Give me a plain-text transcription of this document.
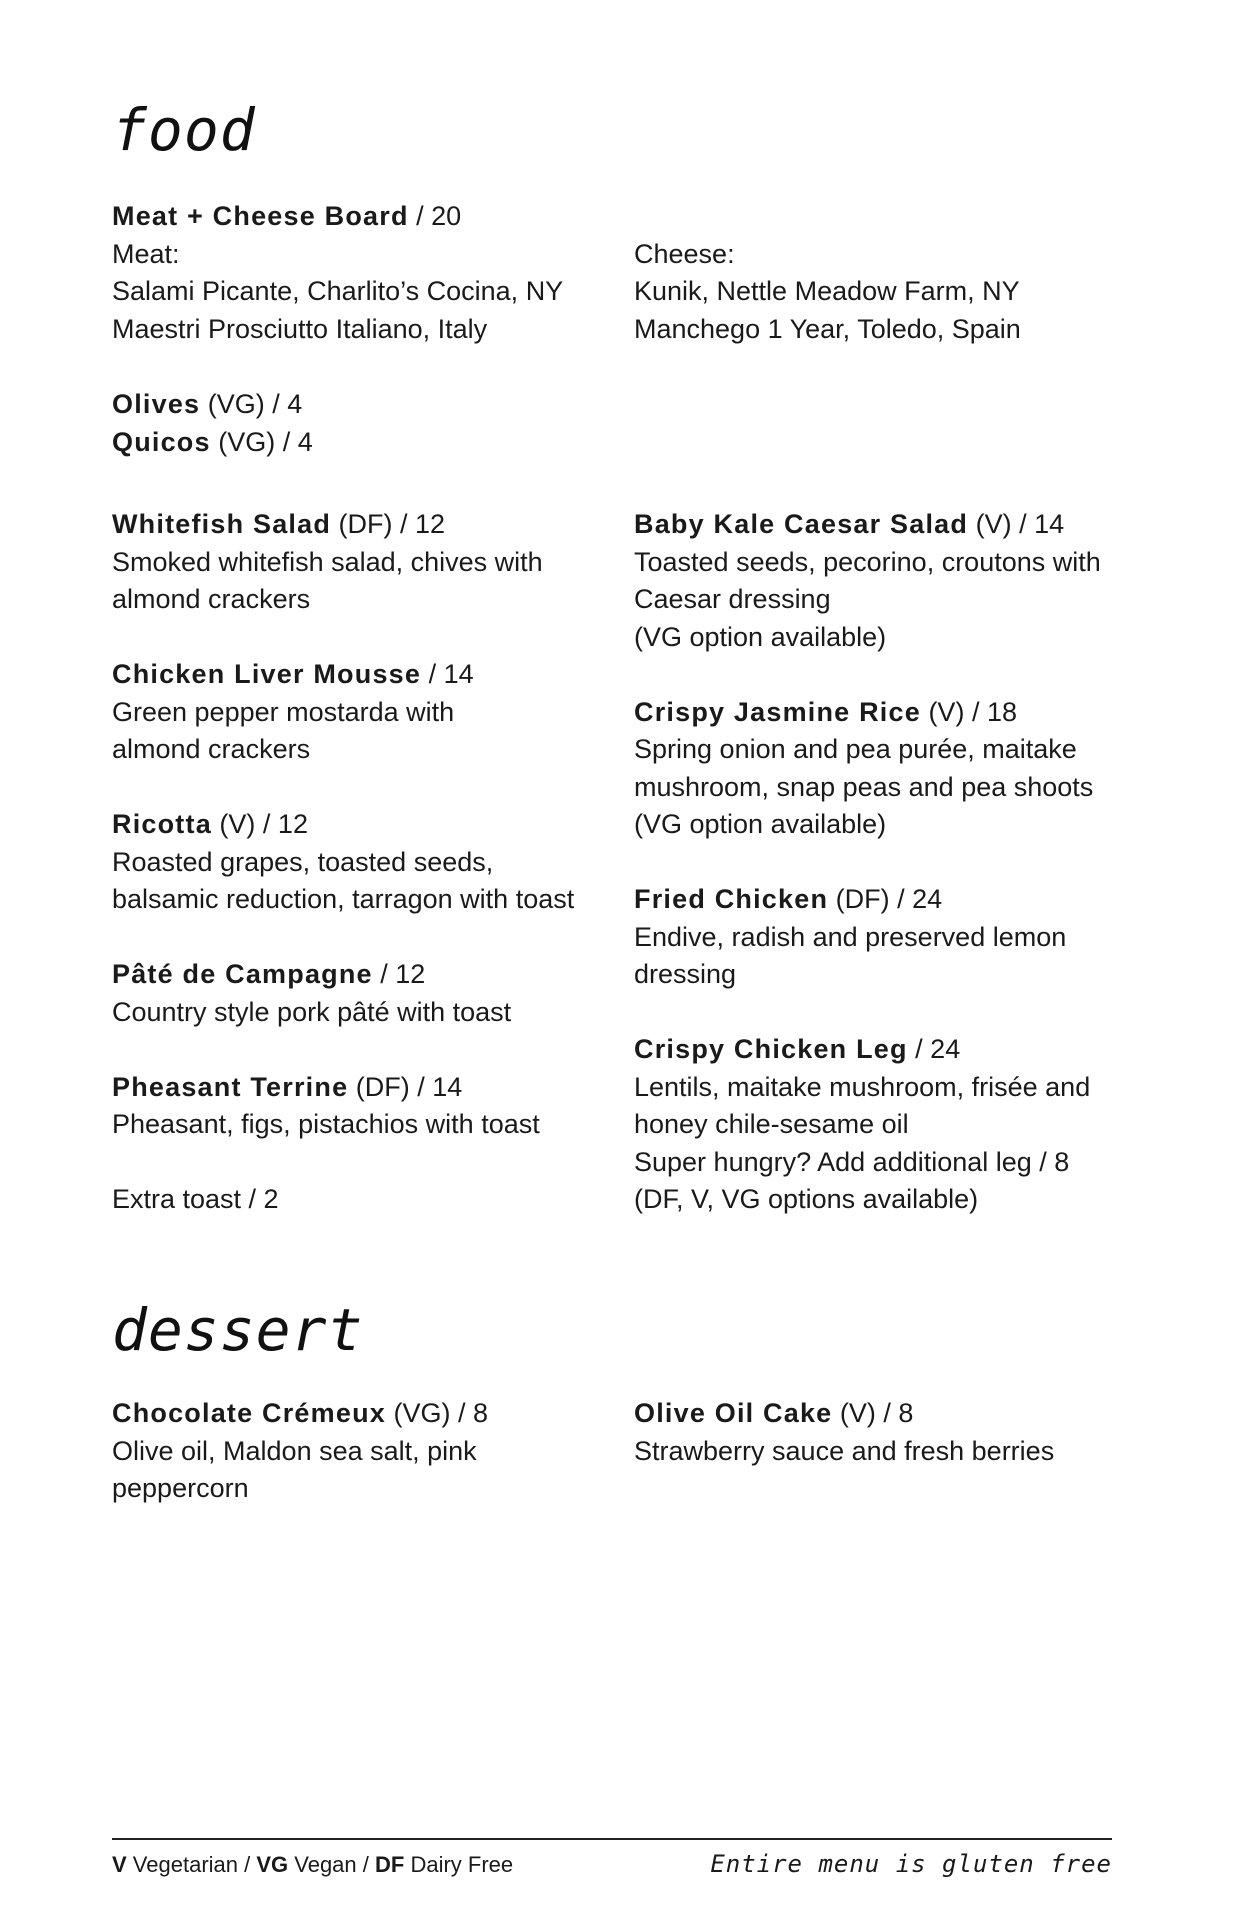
food
Meat + Cheese Board / 20
Meat:
Salami Picante, Charlito’s Cocina, NY
Maestri Prosciutto Italiano, Italy
Cheese:
Kunik, Nettle Meadow Farm, NY
Manchego 1 Year, Toledo, Spain
Olives (VG) / 4
Quicos (VG) / 4
Whitefish Salad (DF) / 12
Smoked whitefish salad, chives with
almond crackers
Chicken Liver Mousse / 14
Green pepper mostarda with
almond crackers
Ricotta (V) / 12
Roasted grapes, toasted seeds,
balsamic reduction, tarragon with toast
Pâté de Campagne / 12
Country style pork pâté with toast
Pheasant Terrine (DF) / 14
Pheasant, figs, pistachios with toast
Extra toast / 2
Baby Kale Caesar Salad (V) / 14
Toasted seeds, pecorino, croutons with
Caesar dressing
(VG option available)
Crispy Jasmine Rice (V) / 18
Spring onion and pea purée, maitake
mushroom, snap peas and pea shoots
(VG option available)
Fried Chicken (DF) / 24
Endive, radish and preserved lemon
dressing
Crispy Chicken Leg / 24
Lentils, maitake mushroom, frisée and
honey chile-sesame oil
Super hungry? Add additional leg / 8
(DF, V, VG options available)
dessert
Chocolate Crémeux (VG) / 8
Olive oil, Maldon sea salt, pink
peppercorn
Olive Oil Cake (V) / 8
Strawberry sauce and fresh berries
V Vegetarian / VG Vegan / DF Dairy Free	Entire menu is gluten free
